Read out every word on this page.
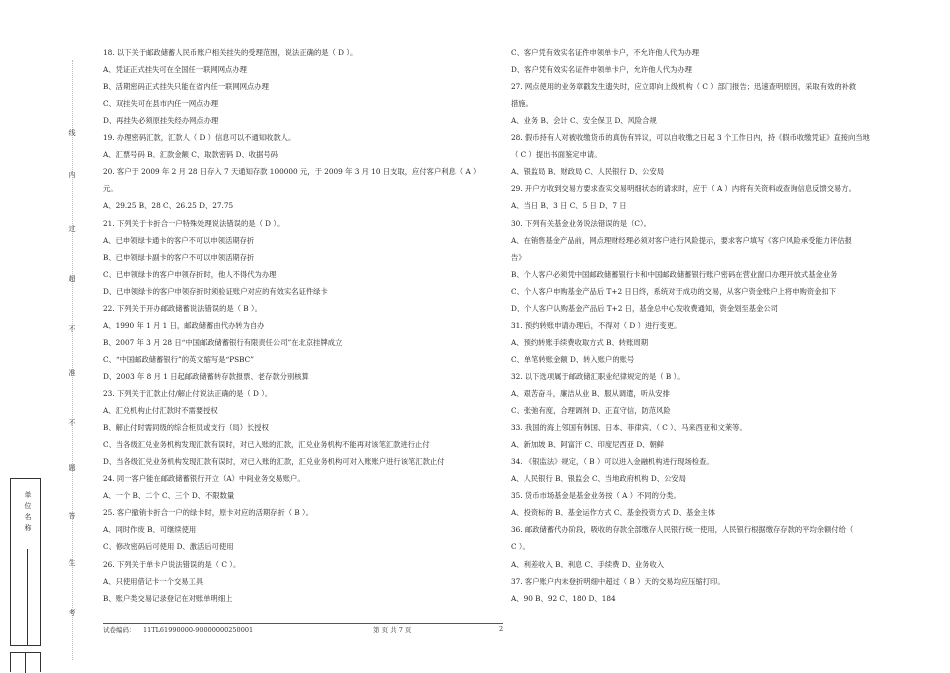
线
内
过
超
不
准
不
题
答
生
考
单位名称
18. 以下关于邮政储蓄人民币账户相关挂失的受理范围，说法正确的是（ D ）。
A、凭证正式挂失可在全国任一联网网点办理
B、活期密码正式挂失只能在省内任一联网网点办理
C、双挂失可在县市内任一网点办理
D、再挂失必须原挂失经办网点办理
19. 办理密码汇款，汇款人（ D ）信息可以不通知收款人。
A、汇票号码 B、汇款金额 C、取款密码 D、收据号码
20. 客户于 2009 年 2 月 28 日存入 7 天通知存款 100000 元，于 2009 年 3 月 10 日支取，应付客户利息（ A ）
元。
A、29.25 B、28 C、26.25 D、27.75
21. 下列关于卡折合一户特殊处理说法错误的是（ D ）。
A、已申领绿卡通卡的客户不可以申领活期存折
B、已申领绿卡副卡的客户不可以申领活期存折
C、已申领绿卡的客户申领存折时，他人不得代为办理
D、已申领绿卡的客户申领存折时须验证账户对应的有效实名证件绿卡
22. 下列关于开办邮政储蓄说法错误的是（ B ）。
A、1990 年 1 月 1 日，邮政储蓄由代办转为自办
B、2007 年 3 月 28 日“中国邮政储蓄银行有限责任公司”在北京挂牌成立
C、“中国邮政储蓄银行”的英文缩写是“PSBC”
D、2003 年 8 月 1 日起邮政储蓄转存款报票、老存款分别核算
23. 下列关于汇款止付/解止付说法正确的是（ D ）。
A、汇兑机构止付汇款时不需要授权
B、解止付时需同级的综合柜员或支行（局）长授权
C、当各级汇兑业务机构发现汇款有误时，对已入账的汇款，汇兑业务机构不能再对该笔汇款进行止付
D、当各级汇兑业务机构发现汇款有误时，对已入账的汇款，汇兑业务机构可对入账账户进行该笔汇款止付
24. 同一客户能在邮政储蓄银行开立（A）中间业务交易账户。
A、一个 B、二个 C、三个 D、不限数量
25. 客户撤销卡折合一户的绿卡时，原卡对应的活期存折（ B ）。
A、同时作废 B、可继续使用
C、修改密码后可使用 D、激活后可使用
26. 下列关于单卡户说法错误的是（ C ）。
A、只使用借记卡一个交易工具
B、账户类交易记录登记在对账单明细上
C、客户凭有效实名证件申领单卡户，不允许他人代为办理
D、客户凭有效实名证件申领单卡户，允许他人代为办理
27. 网点使用的业务章戳发生遗失时，应立即向上级机构（ C ）部门报告；迅速查明原因，采取有效的补救
措施。
A、业务 B、会计 C、安全保卫 D、风险合规
28. 假币持有人对被收缴货币的真伪有异议，可以自收缴之日起 3 个工作日内，持《假币收缴凭证》直接向当地
（ C ）提出书面鉴定申请。
A、银监局 B、财政局 C、人民银行 D、公安局
29. 开户方收到交易方要求查实交易明细状态的请求时，应于（ A ）内将有关资料或查询信息反馈交易方。
A、当日 B、3 日 C、5 日 D、7 日
30. 下列有关基金业务说法错误的是（C）。
A、在销售基金产品前，网点理财经理必须对客户进行风险提示，要求客户填写《客户风险承受能力评估报
告》
B、个人客户必须凭中国邮政储蓄银行卡和中国邮政储蓄银行账户密码在营业窗口办理开放式基金业务
C、个人客户申购基金产品后 T+2 日日终，系统对于成功的交易，从客户资金账户上将申购资金扣下
D、个人客户认购基金产品后 T+2 日，基金总中心发收费通知，资金划至基金公司
31. 预约转账申请办理后，不得对（ D ）进行变更。
A、预约转账手续费收取方式 B、转账周期
C、单笔转账金额 D、转入账户的账号
32. 以下选项属于邮政储汇职业纪律规定的是（ B ）。
A、艰苦奋斗，廉洁从业 B、服从调遣，听从安排
C、张弛有度，合理调剂 D、正直守信，防范风险
33. 我国的海上邻国有韩国、日本、菲律宾、（ C ）、马来西亚和文莱等。
A、新加坡 B、阿富汗 C、印度尼西亚 D、朝鲜
34. 《银监法》规定，（ B ）可以进入金融机构进行现场检查。
A、人民银行 B、银监会 C、当地政府机构 D、公安局
35. 货币市场基金是基金业务按（ A ）不同的分类。
A、投资标的 B、基金运作方式 C、基金投资方式 D、基金主体
36. 邮政储蓄代办阶段，吸收的存款全部缴存人民银行统一使用，人民银行根据缴存存款的平均余额付给（
C ）。
A、利差收入 B、利息 C、手续费 D、业务收入
37. 客户账户内未登折明细中超过（ B ）天的交易均应压缩打印。
A、90 B、92 C、180 D、184
试卷编码： 11TL61990000-90000000250001	第 页 共 7 页	2
